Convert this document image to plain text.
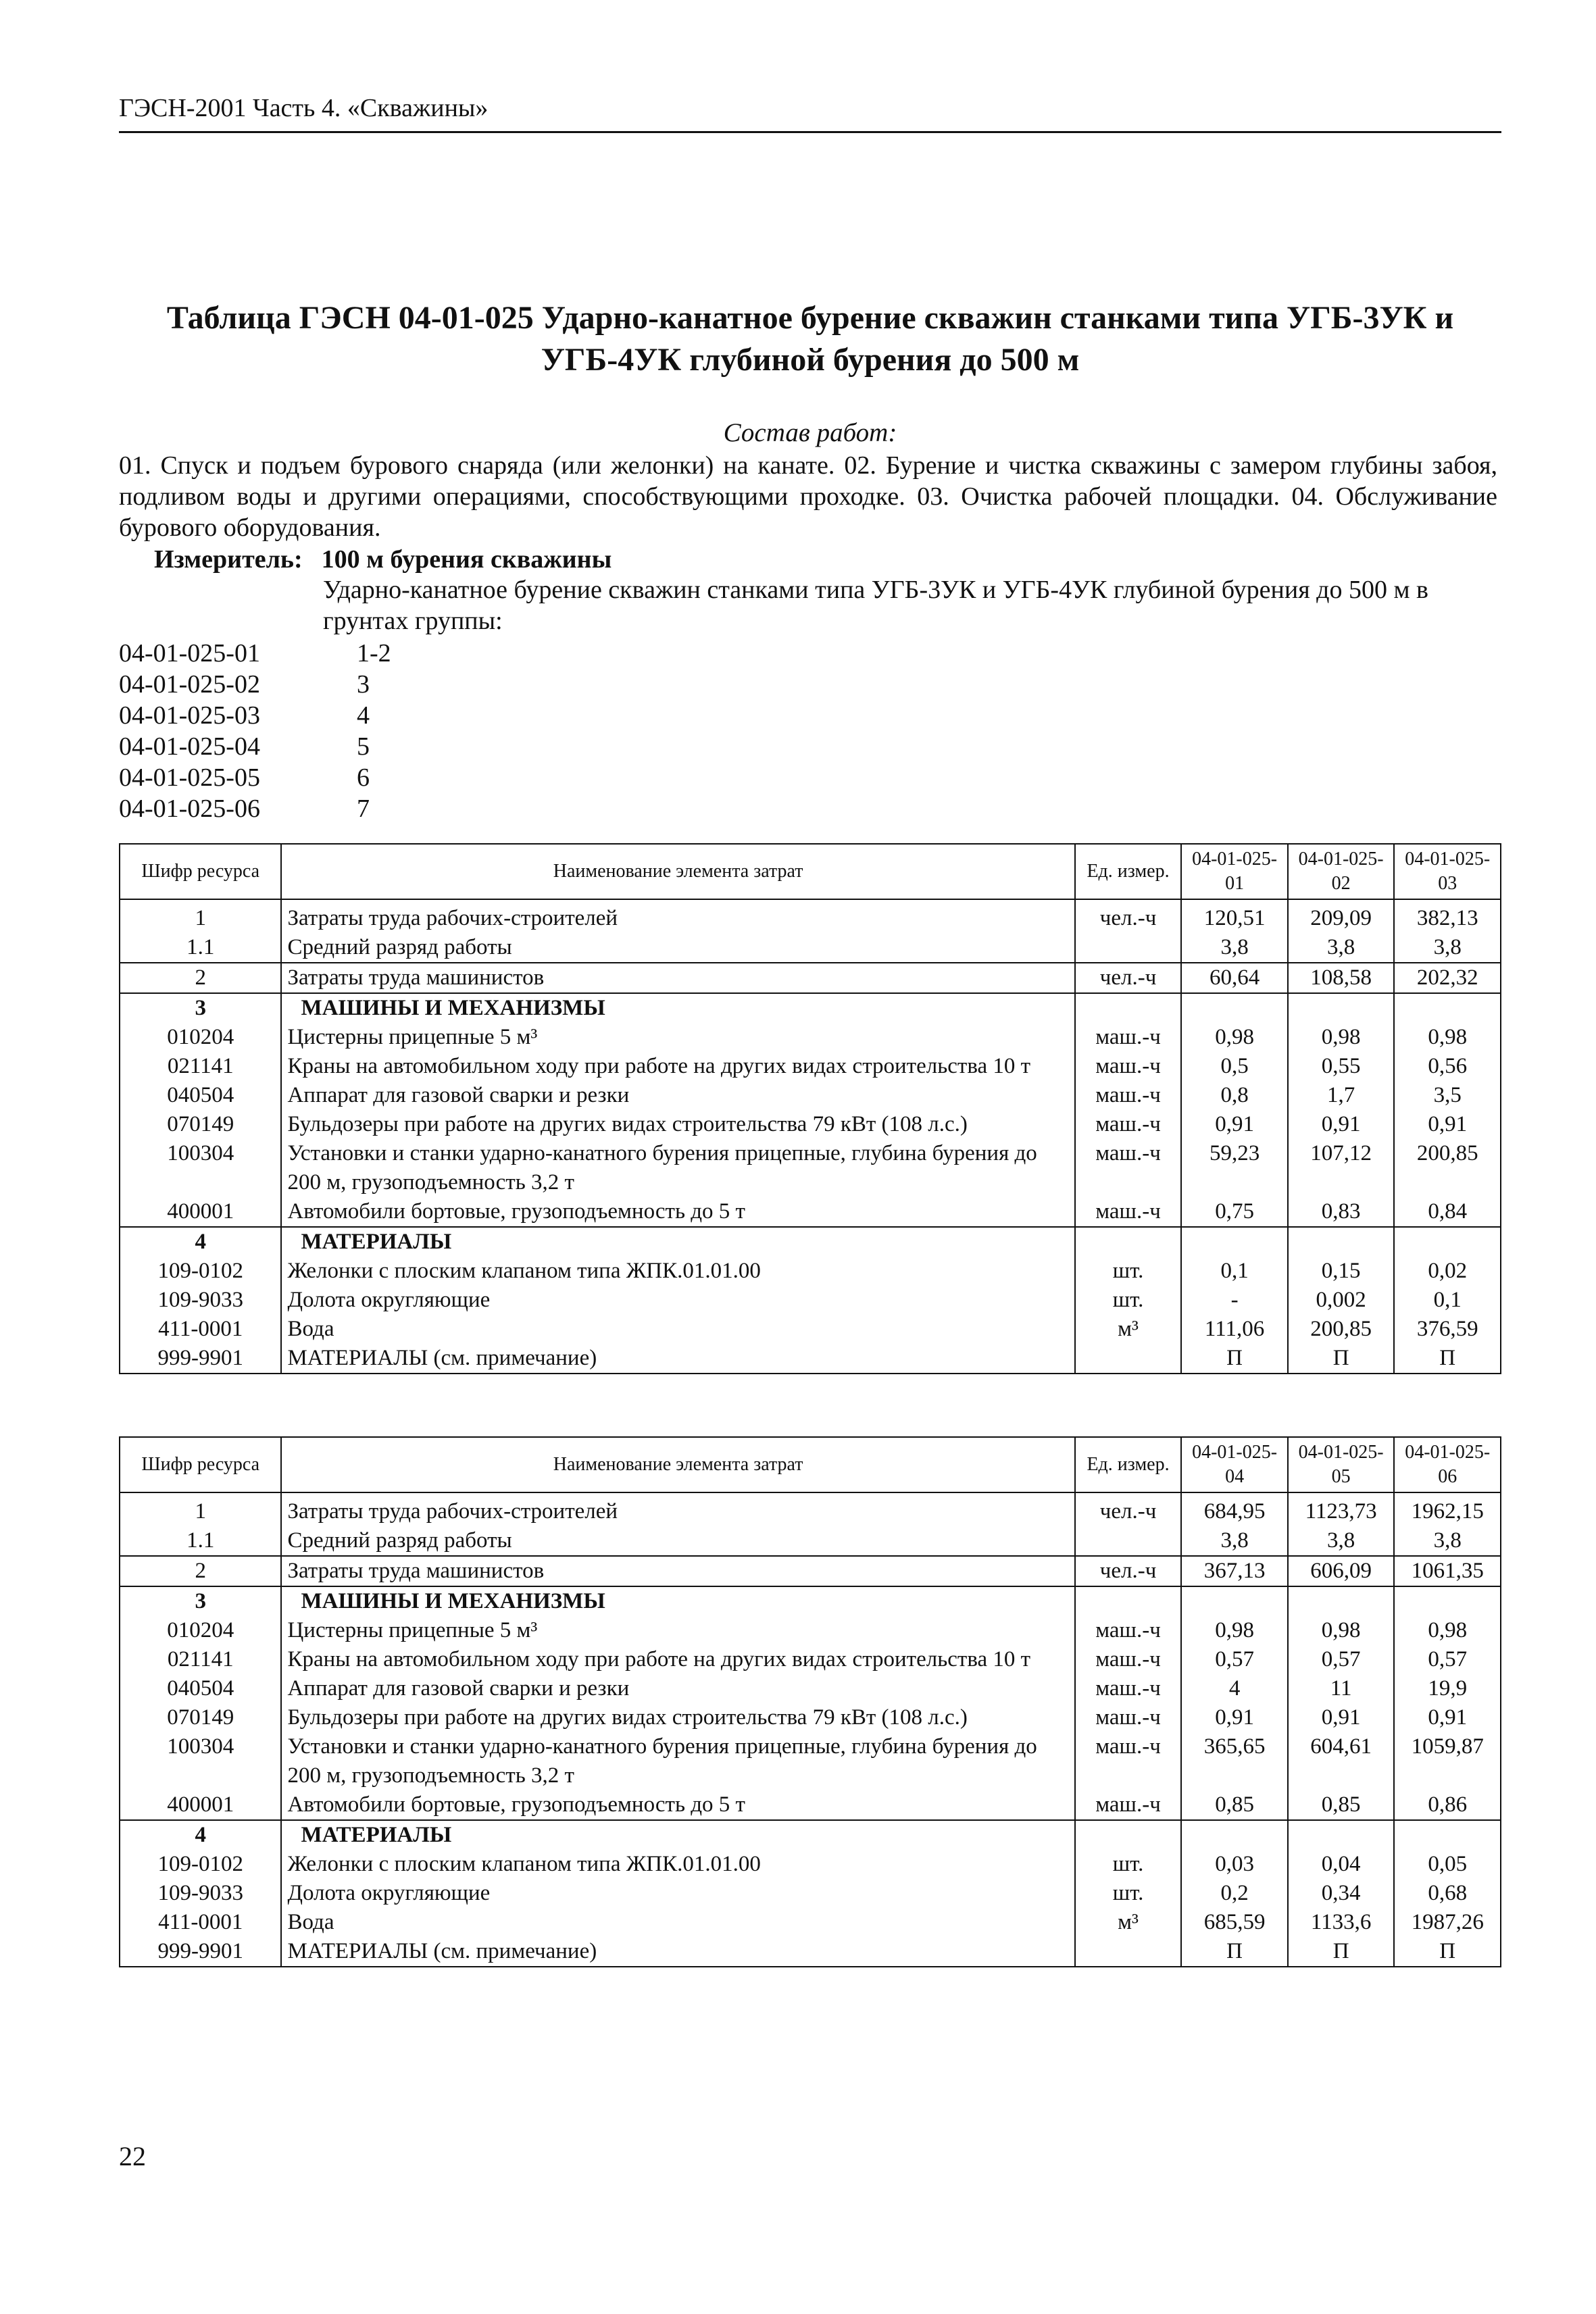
ГЭСН-2001 Часть 4. «Скважины»
Таблица ГЭСН 04-01-025 Ударно-канатное бурение скважин станками типа УГБ-3УК и
УГБ-4УК глубиной бурения до 500 м
Состав работ:
01. Спуск и подъем бурового снаряда (или желонки) на канате. 02. Бурение и чистка скважины с замером глубины забоя, подливом воды и другими операциями, способствующими проходке. 03. Очистка рабочей площадки. 04. Обслуживание бурового оборудования.
Измеритель: 100 м бурения скважины
Ударно-канатное бурение скважин станками типа УГБ-3УК и УГБ-4УК глубиной бурения до 500 м в грунтах группы:
04-01-025-01	1-2
04-01-025-02	3
04-01-025-03	4
04-01-025-04	5
04-01-025-05	6
04-01-025-06	7
Шифр ресурса	Наименование элемента затрат	Ед. измер.	04-01-025-01	04-01-025-02	04-01-025-03
1	Затраты труда рабочих-строителей	чел.-ч	120,51	209,09	382,13
1.1	Средний разряд работы		3,8	3,8	3,8
2	Затраты труда машинистов	чел.-ч	60,64	108,58	202,32
3	МАШИНЫ И МЕХАНИЗМЫ				
010204	Цистерны прицепные 5 м³	маш.-ч	0,98	0,98	0,98
021141	Краны на автомобильном ходу при работе на других видах строительства 10 т	маш.-ч	0,5	0,55	0,56
040504	Аппарат для газовой сварки и резки	маш.-ч	0,8	1,7	3,5
070149	Бульдозеры при работе на других видах строительства 79 кВт (108 л.с.)	маш.-ч	0,91	0,91	0,91
100304	Установки и станки ударно-канатного бурения прицепные, глубина бурения до 200 м, грузоподъемность 3,2 т	маш.-ч	59,23	107,12	200,85
400001	Автомобили бортовые, грузоподъемность до 5 т	маш.-ч	0,75	0,83	0,84
4	МАТЕРИАЛЫ				
109-0102	Желонки с плоским клапаном типа ЖПК.01.01.00	шт.	0,1	0,15	0,02
109-9033	Долота округляющие	шт.	-	0,002	0,1
411-0001	Вода	м³	111,06	200,85	376,59
999-9901	МАТЕРИАЛЫ (см. примечание)		П	П	П
Шифр ресурса	Наименование элемента затрат	Ед. измер.	04-01-025-04	04-01-025-05	04-01-025-06
1	Затраты труда рабочих-строителей	чел.-ч	684,95	1123,73	1962,15
1.1	Средний разряд работы		3,8	3,8	3,8
2	Затраты труда машинистов	чел.-ч	367,13	606,09	1061,35
3	МАШИНЫ И МЕХАНИЗМЫ				
010204	Цистерны прицепные 5 м³	маш.-ч	0,98	0,98	0,98
021141	Краны на автомобильном ходу при работе на других видах строительства 10 т	маш.-ч	0,57	0,57	0,57
040504	Аппарат для газовой сварки и резки	маш.-ч	4	11	19,9
070149	Бульдозеры при работе на других видах строительства 79 кВт (108 л.с.)	маш.-ч	0,91	0,91	0,91
100304	Установки и станки ударно-канатного бурения прицепные, глубина бурения до 200 м, грузоподъемность 3,2 т	маш.-ч	365,65	604,61	1059,87
400001	Автомобили бортовые, грузоподъемность до 5 т	маш.-ч	0,85	0,85	0,86
4	МАТЕРИАЛЫ				
109-0102	Желонки с плоским клапаном типа ЖПК.01.01.00	шт.	0,03	0,04	0,05
109-9033	Долота округляющие	шт.	0,2	0,34	0,68
411-0001	Вода	м³	685,59	1133,6	1987,26
999-9901	МАТЕРИАЛЫ (см. примечание)		П	П	П
22
